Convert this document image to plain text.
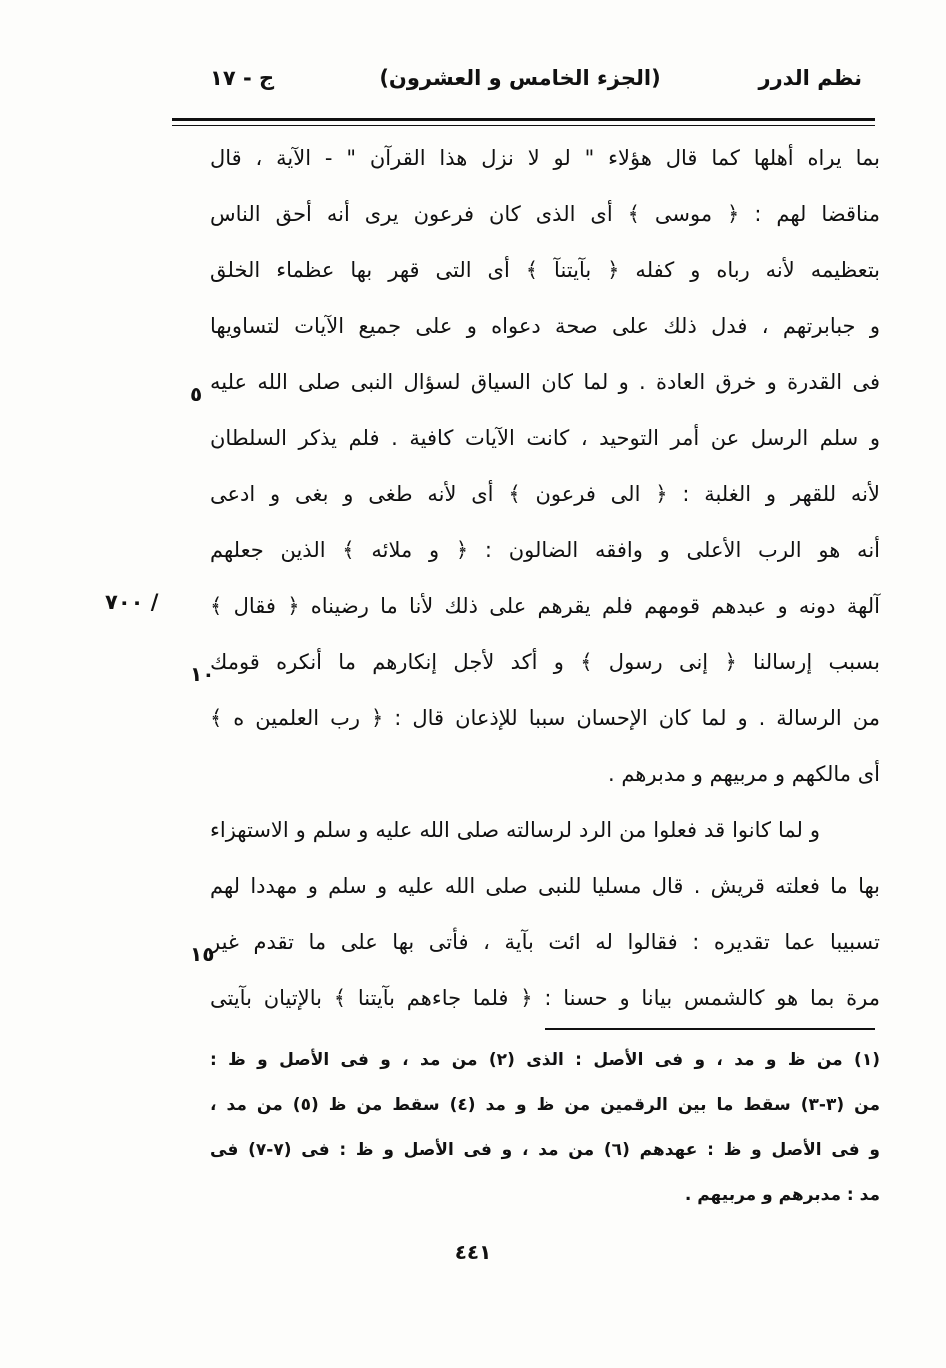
نظم الدرر
(الجزء الخامس و العشرون)
ج - ١٧
بما يراه أهلها كما قال هؤلاء " لو لا نزل هذا القرآن " - الآية ، قال
مناقضا لهم : ﴿ موسى ﴾ أى الذى كان فرعون يرى أنه أحق الناس
بتعظيمه لأنه رباه و كفله ﴿ بآيتنآ ﴾ أى التى قهر بها عظماء الخلق
و جبابرتهم ، فدل ذلك على صحة دعواه و على جميع الآيات لتساويها
فى القدرة و خرق العادة . و لما كان السياق لسؤال النبى صلى الله عليه
و سلم الرسل عن أمر التوحيد ، كانت الآيات كافية . فلم يذكر السلطان
لأنه للقهر و الغلبة : ﴿ الى فرعون ﴾ أى لأنه طغى و بغى و ادعى
أنه هو الرب الأعلى و وافقه الضالون : ﴿ و ملائه ﴾ الذين جعلهم
آلهة دونه و عبدهم قومهم فلم يقرهم على ذلك لأنا ما رضيناه ﴿ فقال ﴾
بسبب إرسالنا ﴿ إنى رسول ﴾ و أكد لأجل إنكارهم ما أنكره قومك
من الرسالة . و لما كان الإحسان سببا للإذعان قال : ﴿ رب العلمين ه ﴾
أى مالكهم و مربيهم و مدبرهم .
و لما كانوا قد فعلوا من الرد لرسالته صلى الله عليه و سلم و الاستهزاء
بها ما فعلته قريش . قال مسليا للنبى صلى الله عليه و سلم و مهددا لهم
تسبيبا عما تقديره : فقالوا له ائت بآية ، فأتى بها على ما تقدم غير
مرة بما هو كالشمس بيانا و حسنا : ﴿ فلما جاءهم بآيتنا ﴾ بالإتيان بآيتى
٥
١٠
١٥
٧٠٠ /
(١) من ظ و مد ، و فى الأصل : الذى (٢) من مد ، و فى الأصل و ظ :
من (٣-٣) سقط ما بين الرقمين من ظ و مد (٤) سقط من ظ (٥) من مد ،
و فى الأصل و ظ : عهدهم (٦) من مد ، و فى الأصل و ظ : فى (٧-٧) فى
مد : مدبرهم و مربيهم .
٤٤١
